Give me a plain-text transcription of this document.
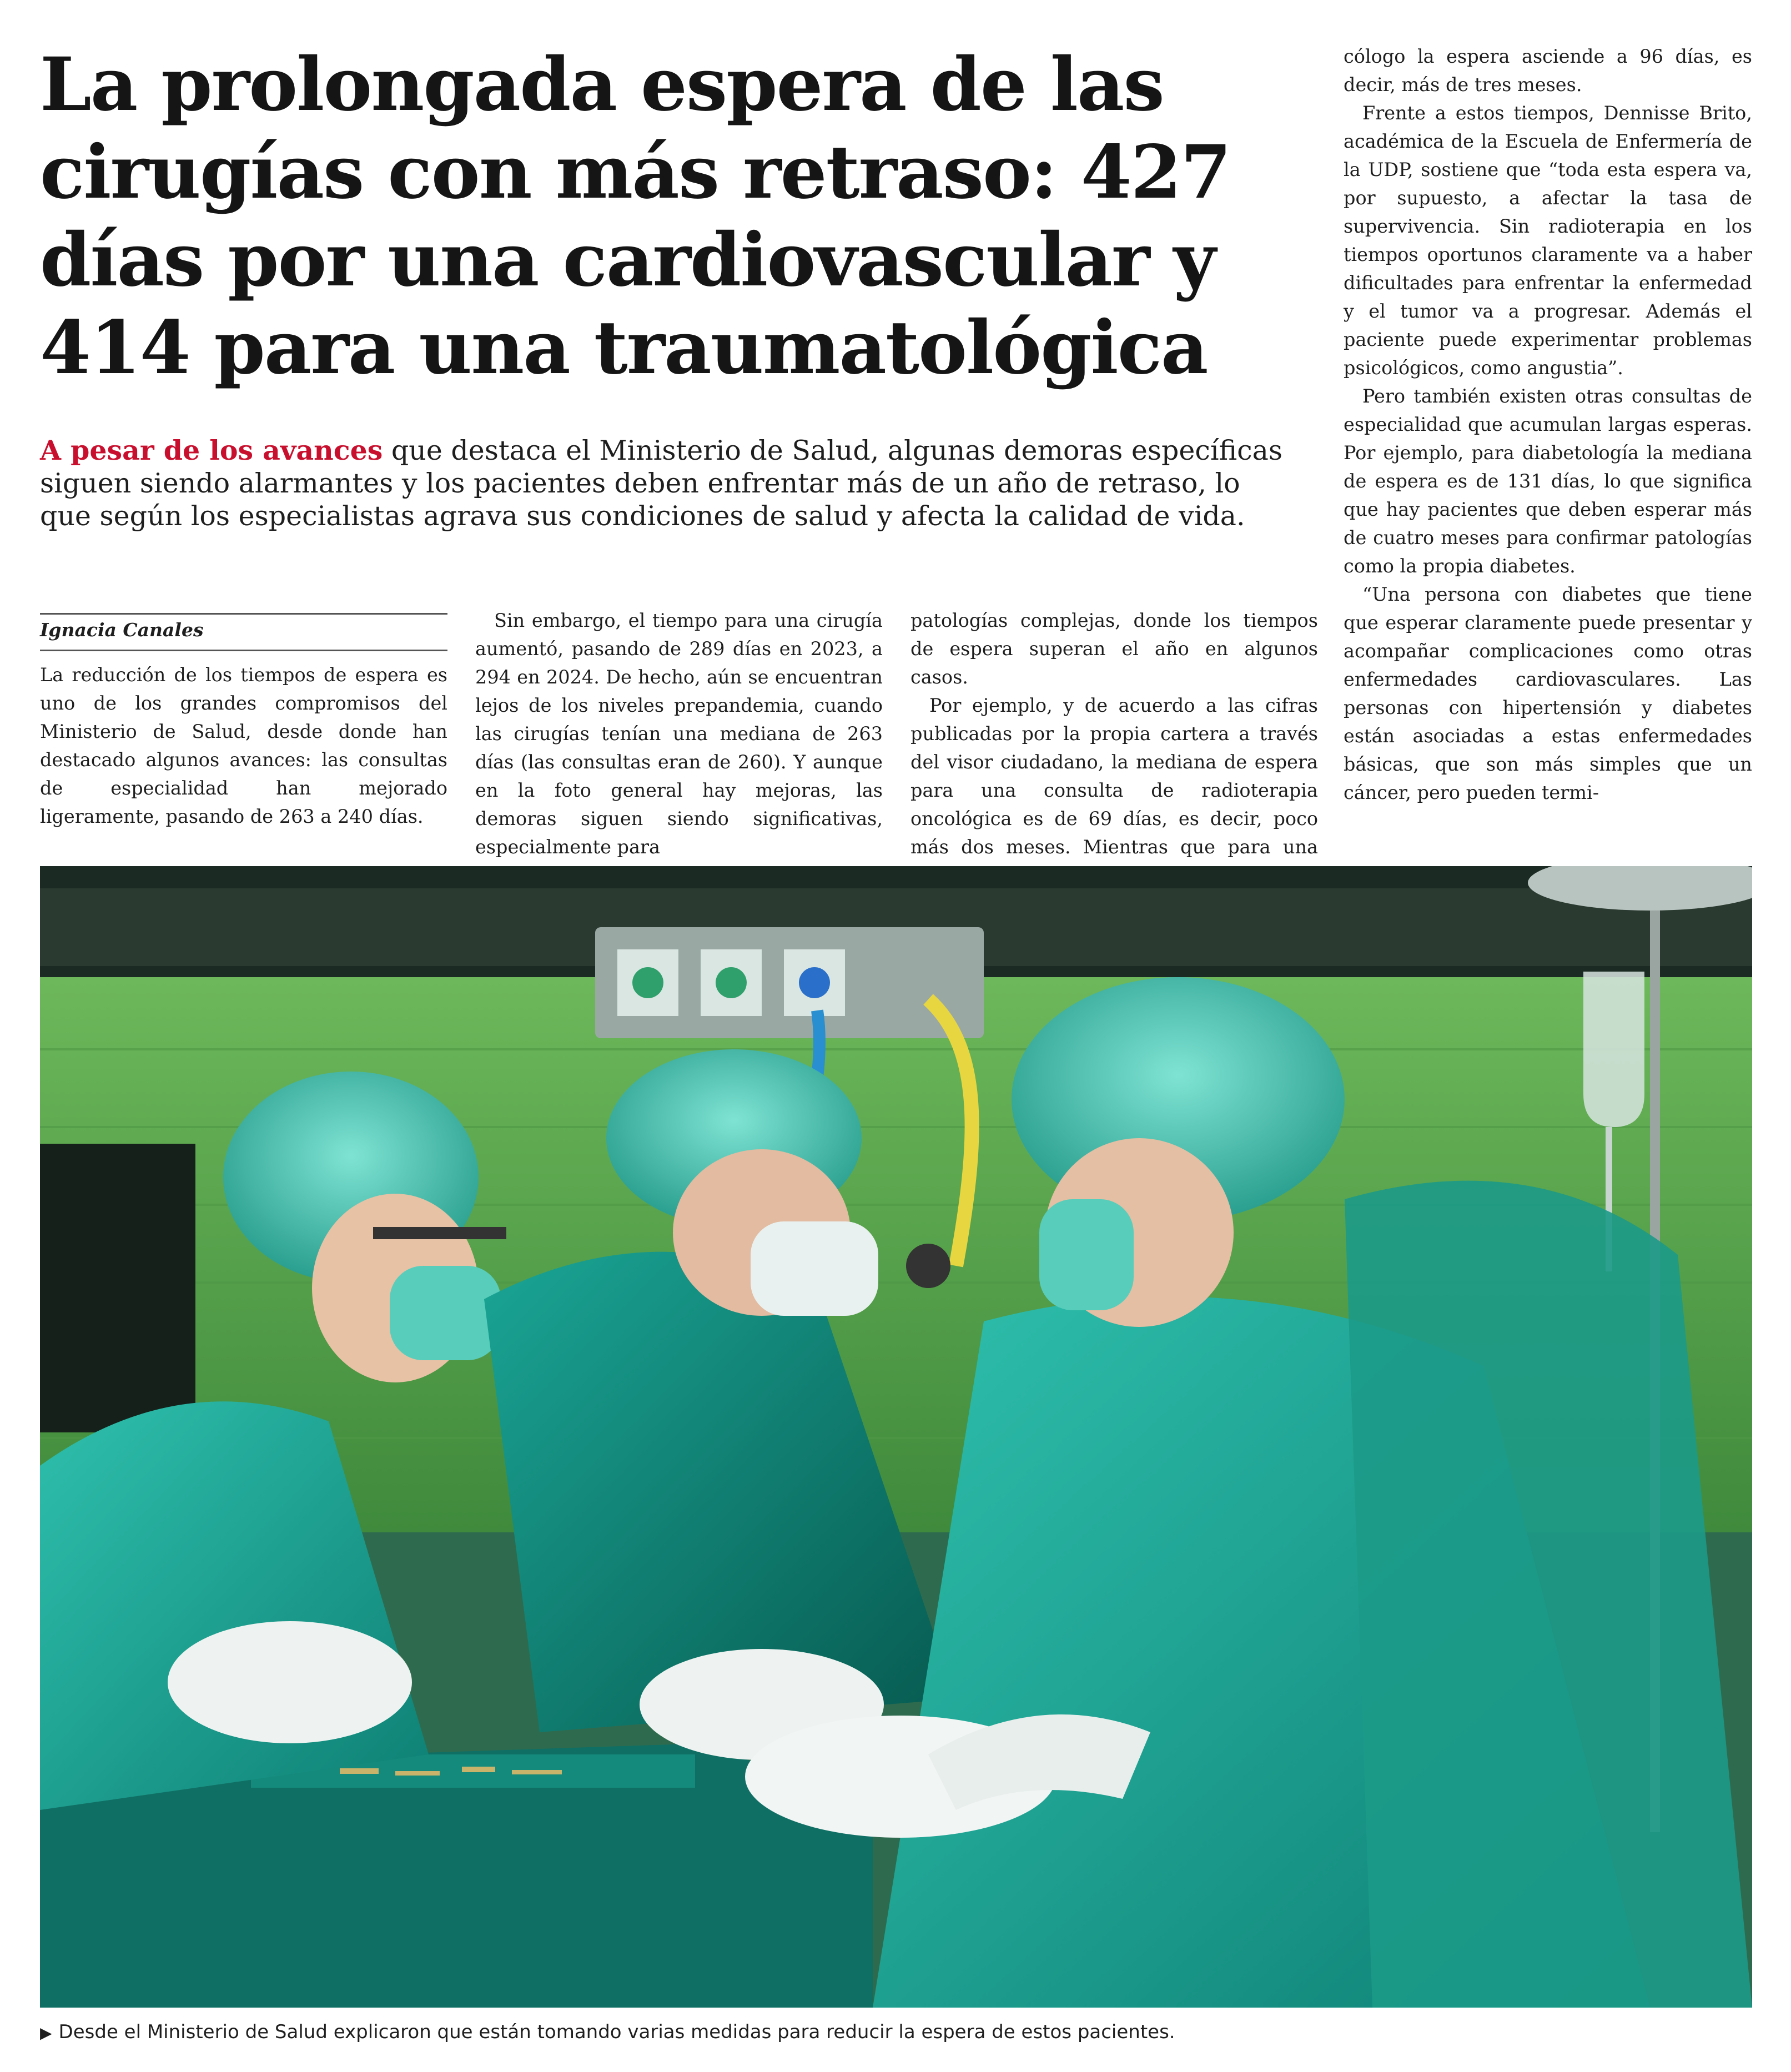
La prolongada espera de las
cirugías con más retraso: 427
días por una cardiovascular y
414 para una traumatológica
A pesar de los avances que destaca el Ministerio de Salud, algunas demoras específicas
siguen siendo alarmantes y los pacientes deben enfrentar más de un año de retraso, lo
que según los especialistas agrava sus condiciones de salud y afecta la calidad de vida.
Ignacia Canales

La reducción de los tiempos de espera es uno de los grandes compromisos del Ministerio de Salud, desde donde han destacado algunos avances: las consultas de especialidad han mejorado ligeramente, pasando de 263 a 240 días.

Sin embargo, el tiempo para una cirugía aumentó, pasando de 289 días en 2023, a 294 en 2024. De hecho, aún se encuentran lejos de los niveles prepandemia, cuando las cirugías tenían una mediana de 263 días (las consultas eran de 260). Y aunque en la foto general hay mejoras, las demoras siguen siendo significativas, especialmente para

patologías complejas, donde los tiempos de espera superan el año en algunos casos.

Por ejemplo, y de acuerdo a las cifras publicadas por la propia cartera a través del visor ciudadano, la mediana de espera para una consulta de radioterapia oncológica es de 69 días, es decir, poco más dos meses. Mientras que para una

cólogo la espera asciende a 96 días, es decir, más de tres meses.

Frente a estos tiempos, Dennisse Brito, académica de la Escuela de Enfermería de la UDP, sostiene que “toda esta espera va, por supuesto, a afectar la tasa de supervivencia. Sin radioterapia en los tiempos oportunos claramente va a haber dificultades para enfrentar la enfermedad y el tumor va a progresar. Además el paciente puede experimentar problemas psicológicos, como angustia”.

Pero también existen otras consultas de especialidad que acumulan largas esperas. Por ejemplo, para diabetología la mediana de espera es de 131 días, lo que significa que hay pacientes que deben esperar más de cuatro meses para confirmar patologías como la propia diabetes.

“Una persona con diabetes que tiene que esperar claramente puede presentar y acompañar complicaciones como otras enfermedades cardiovasculares. Las personas con hipertensión y diabetes están asociadas a estas enfermedades básicas, que son más simples que un cáncer, pero pueden termi-

▶ Desde el Ministerio de Salud explicaron que están tomando varias medidas para reducir la espera de estos pacientes.
